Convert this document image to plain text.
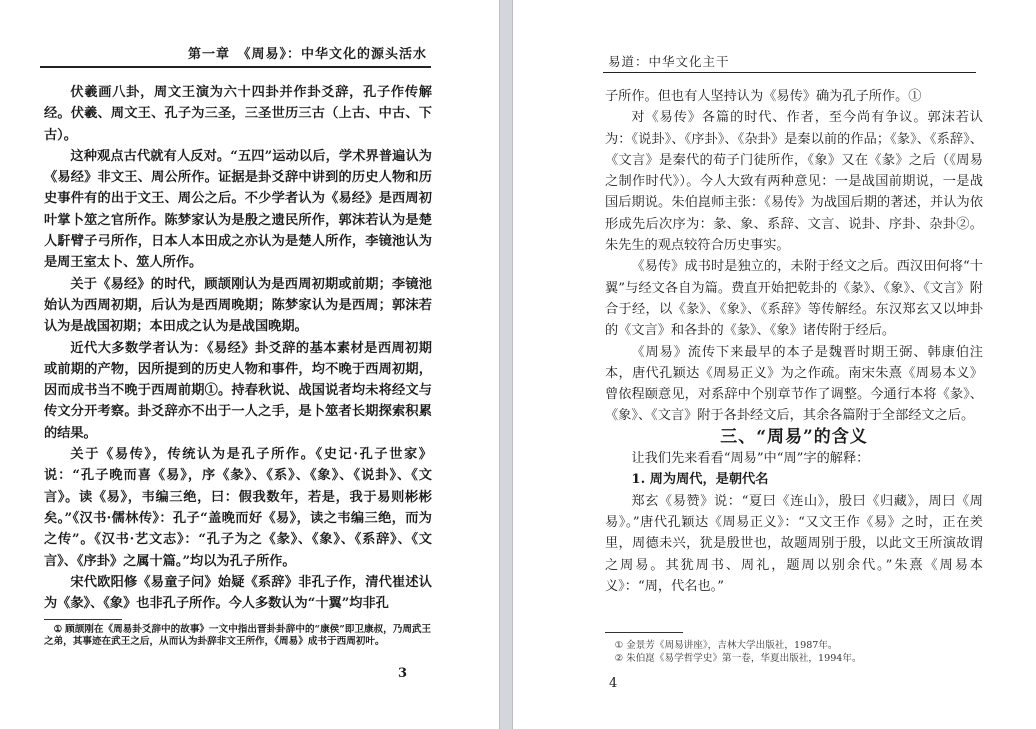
第一章　《周易》：中华文化的源头活水

伏羲画八卦，周文王演为六十四卦并作卦爻辞，孔子作传解经。伏羲、周文王、孔子为三圣，三圣世历三古（上古、中古、下古）。

这种观点古代就有人反对。“五四”运动以后，学术界普遍认为《易经》非文王、周公所作。证据是卦爻辞中讲到的历史人物和历史事件有的出于文王、周公之后。不少学者认为《易经》是西周初叶掌卜筮之官所作。陈梦家认为是殷之遗民所作，郭沫若认为是楚人馯臂子弓所作，日本人本田成之亦认为是楚人所作，李镜池认为是周王室太卜、筮人所作。

关于《易经》的时代，顾颉刚认为是西周初期或前期；李镜池始认为西周初期，后认为是西周晚期；陈梦家认为是西周；郭沫若认为是战国初期；本田成之认为是战国晚期。

近代大多数学者认为：《易经》卦爻辞的基本素材是西周初期或前期的产物，因所提到的历史人物和事件，均不晚于西周初期，因而成书当不晚于西周前期①。持春秋说、战国说者均未将经文与传文分开考察。卦爻辞亦不出于一人之手，是卜筮者长期探索积累的结果。

关于《易传》，传统认为是孔子所作。《史记·孔子世家》说：“孔子晚而喜《易》，序《彖》、《系》、《象》、《说卦》、《文言》。读《易》，韦编三绝，曰：假我数年，若是，我于易则彬彬矣。”《汉书·儒林传》：孔子“盖晚而好《易》，读之韦编三绝，而为之传”。《汉书·艺文志》：“孔子为之《彖》、《象》、《系辞》、《文言》、《序卦》之属十篇。”均以为孔子所作。

宋代欧阳修《易童子问》始疑《系辞》非孔子作，清代崔述认为《彖》、《象》也非孔子所作。今人多数认为“十翼”均非孔

① 顾颉刚在《周易卦爻辞中的故事》一文中指出晋卦卦辞中的“康侯”即卫康叔，乃周武王之弟，其事迹在武王之后，从而认为卦辞非文王所作，《周易》成书于西周初叶。
3
易道：中华文化主干

子所作。但也有人坚持认为《易传》确为孔子所作。①

对《易传》各篇的时代、作者，至今尚有争议。郭沫若认为：《说卦》、《序卦》、《杂卦》是秦以前的作品；《彖》、《系辞》、《文言》是秦代的荀子门徒所作，《象》又在《彖》之后（《周易之制作时代》）。今人大致有两种意见：一是战国前期说，一是战国后期说。朱伯崑师主张：《易传》为战国后期的著述，并认为依形成先后次序为：彖、象、系辞、文言、说卦、序卦、杂卦②。朱先生的观点较符合历史事实。

《易传》成书时是独立的，未附于经文之后。西汉田何将“十翼”与经文各自为篇。费直开始把乾卦的《彖》、《象》、《文言》附合于经，以《彖》、《象》、《系辞》等传解经。东汉郑玄又以坤卦的《文言》和各卦的《彖》、《象》诸传附于经后。

《周易》流传下来最早的本子是魏晋时期王弼、韩康伯注本，唐代孔颖达《周易正义》为之作疏。南宋朱熹《周易本义》曾依程颐意见，对系辞中个别章节作了调整。今通行本将《彖》、《象》、《文言》附于各卦经文后，其余各篇附于全部经文之后。

三、“周易”的含义

让我们先来看看“周易”中“周”字的解释：

1. 周为周代，是朝代名

郑玄《易赞》说：“夏曰《连山》，殷曰《归藏》，周曰《周易》。”唐代孔颖达《周易正义》：“又文王作《易》之时，正在羑里，周德未兴，犹是殷世也，故题周别于殷，以此文王所演故谓之周易。其犹周书、周礼，题周以别余代。”朱熹《周易本义》：“周，代名也。”

① 金景芳《周易讲座》，吉林大学出版社，1987年。
② 朱伯崑《易学哲学史》第一卷，华夏出版社，1994年。
4
